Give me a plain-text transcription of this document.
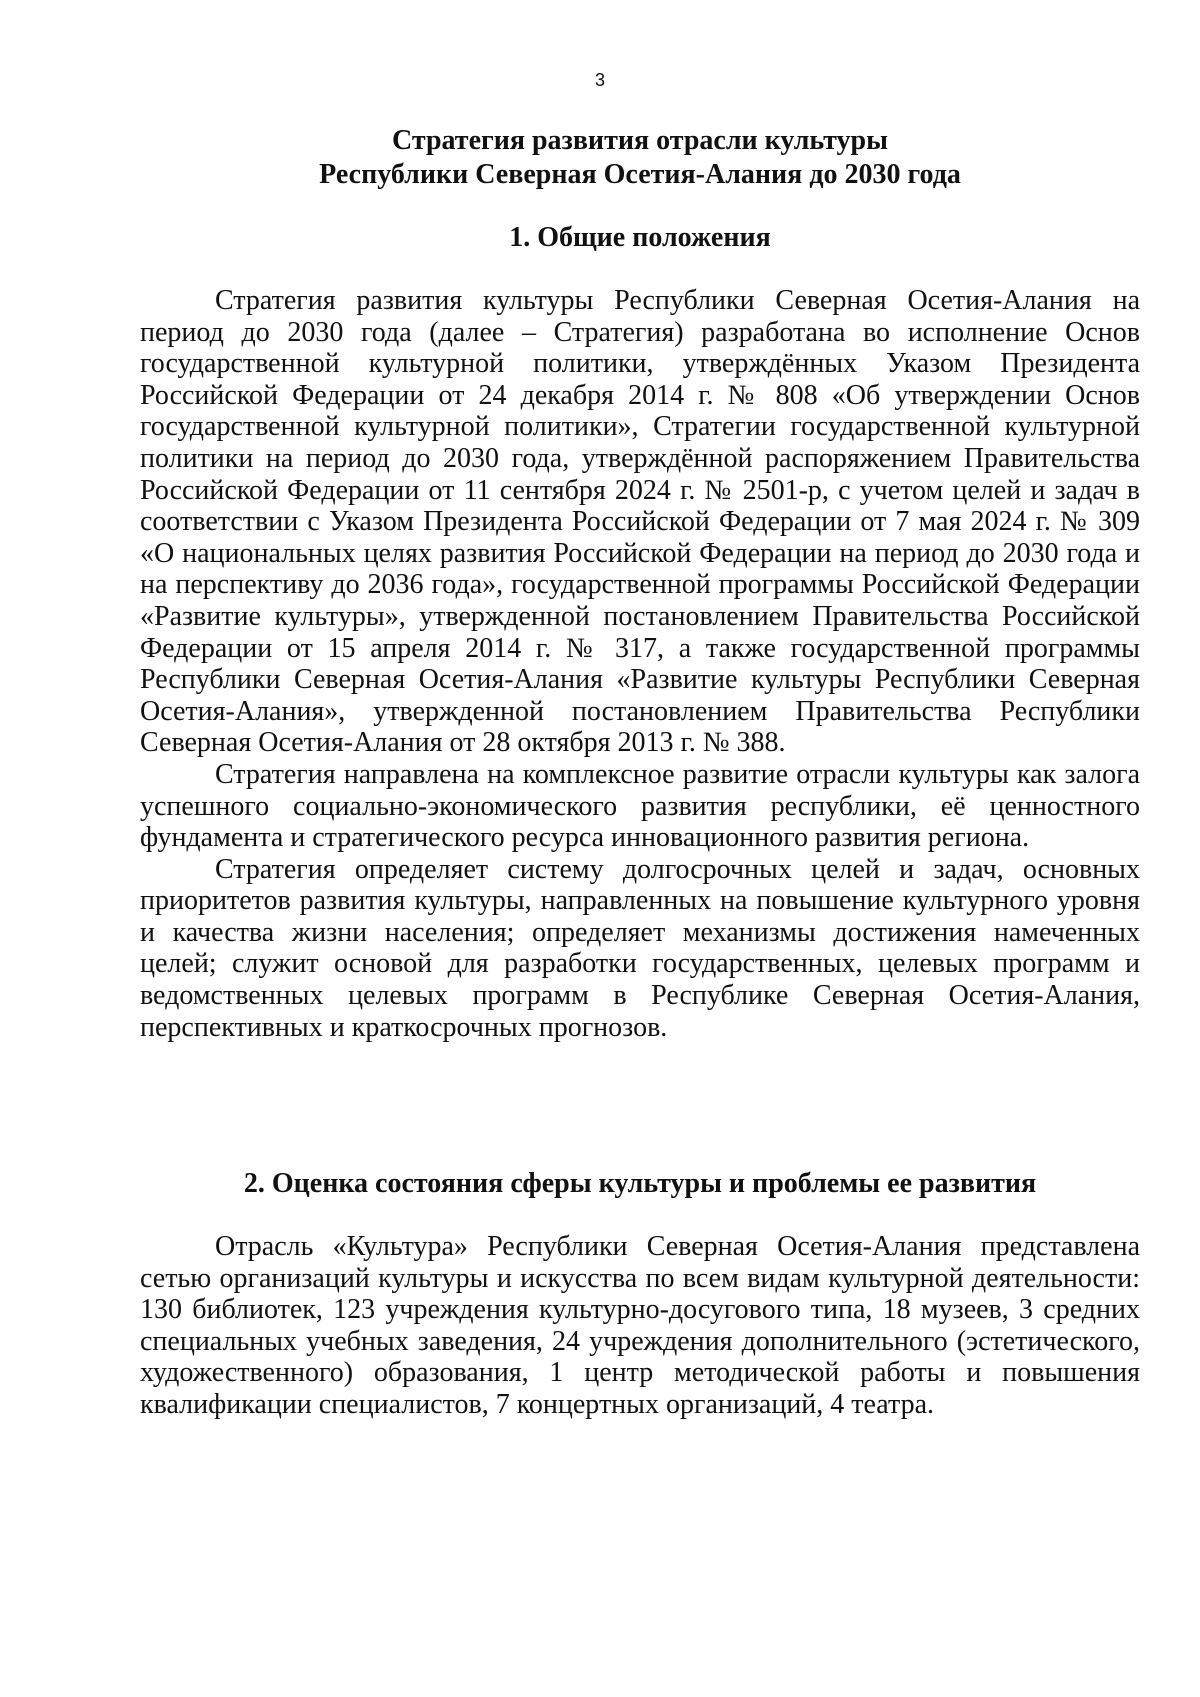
3
Стратегия развития отрасли культуры
Республики Северная Осетия-Алания до 2030 года
1. Общие положения

Стратегия развития культуры Республики Северная Осетия-Алания на период до 2030 года (далее – Стратегия) разработана во исполнение Основ государственной культурной политики, утверждённых Указом Президента Российской Федерации от 24 декабря 2014 г. № 808 «Об утверждении Основ государственной культурной политики», Стратегии государственной культурной политики на период до 2030 года, утверждённой распоряжением Правительства Российской Федерации от 11 сентября 2024 г. № 2501-р, с учетом целей и задач в соответствии с Указом Президента Российской Федерации от 7 мая 2024 г. № 309 «О национальных целях развития Российской Федерации на период до 2030 года и на перспективу до 2036 года», государственной программы Российской Федерации «Развитие культуры», утвержденной постановлением Правительства Российской Федерации от 15 апреля 2014 г. № 317, а также государственной программы Республики Северная Осетия-Алания «Развитие культуры Республики Северная Осетия-Алания», утвержденной постановлением Правительства Республики Северная Осетия-Алания от 28 октября 2013 г. № 388.

Стратегия направлена на комплексное развитие отрасли культуры как залога успешного социально-экономического развития республики, её ценностного фундамента и стратегического ресурса инновационного развития региона.

Стратегия определяет систему долгосрочных целей и задач, основных приоритетов развития культуры, направленных на повышение культурного уровня и качества жизни населения; определяет механизмы достижения намеченных целей; служит основой для разработки государственных, целевых программ и ведомственных целевых программ в Республике Северная Осетия-Алания, перспективных и краткосрочных прогнозов.

2. Оценка состояния сферы культуры и проблемы ее развития

Отрасль «Культура» Республики Северная Осетия-Алания представлена сетью организаций культуры и искусства по всем видам культурной деятельности: 130 библиотек, 123 учреждения культурно-досугового типа, 18 музеев, 3 средних специальных учебных заведения, 24 учреждения дополнительного (эстетического, художественного) образования, 1 центр методической работы и повышения квалификации специалистов, 7 концертных организаций, 4 театра.
